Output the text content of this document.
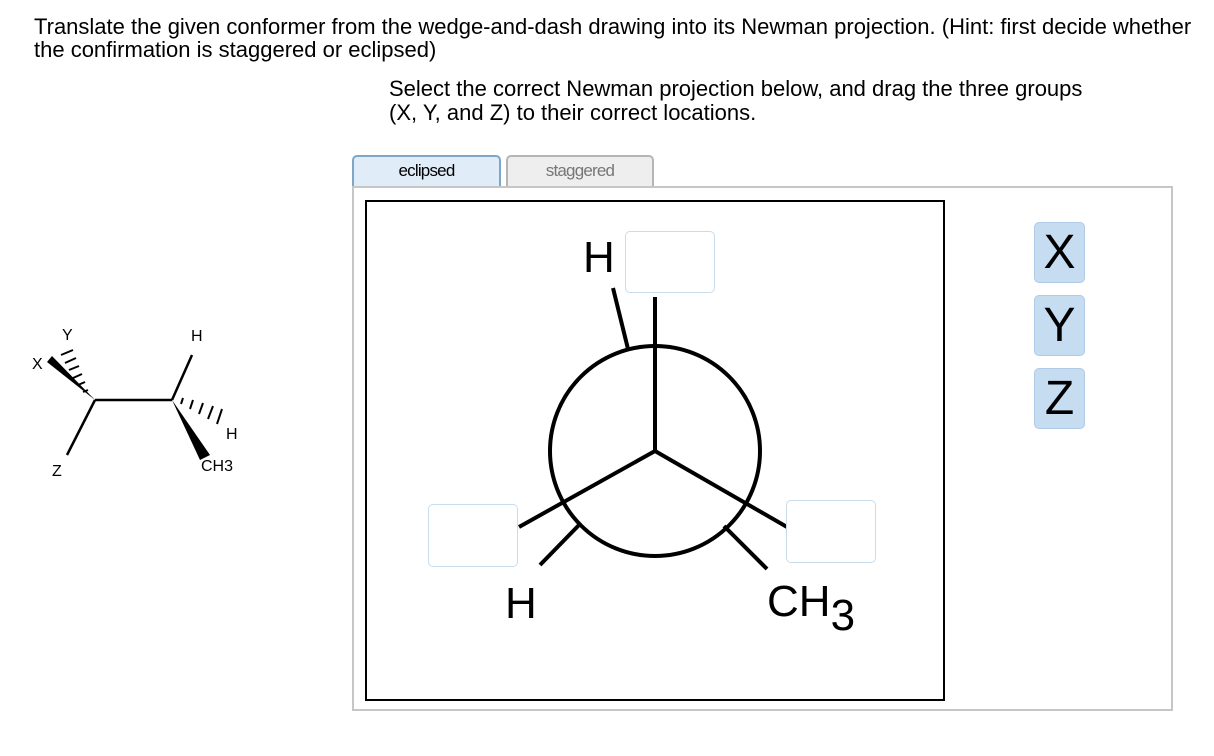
Translate the given conformer from the wedge-and-dash drawing into its Newman projection. (Hint: first decide whether the confirmation is staggered or eclipsed)
Select the correct Newman projection below, and drag the three groups (X, Y, and Z) to their correct locations.
Y
X
Z
H
H
CH3
eclipsed	staggered
H
H	CH3
X
Y
Z
